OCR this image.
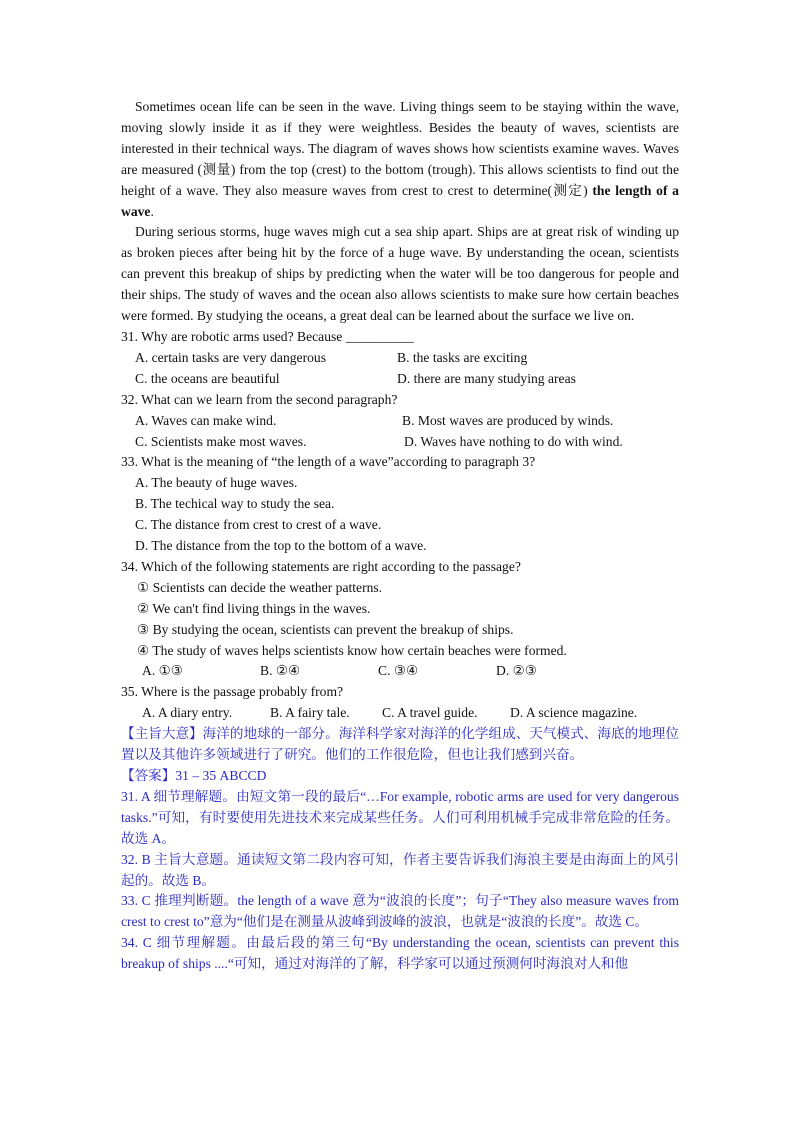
Sometimes ocean life can be seen in the wave. Living things seem to be staying within the wave, moving slowly inside it as if they were weightless. Besides the beauty of waves, scientists are interested in their technical ways. The diagram of waves shows how scientists examine waves. Waves are measured (测量) from the top (crest) to the bottom (trough). This allows scientists to find out the height of a wave. They also measure waves from crest to crest to determine(测定) the length of a wave.

During serious storms, huge waves migh cut a sea ship apart. Ships are at great risk of winding up as broken pieces after being hit by the force of a huge wave. By understanding the ocean, scientists can prevent this breakup of ships by predicting when the water will be too dangerous for people and their ships. The study of waves and the ocean also allows scientists to make sure how certain beaches were formed. By studying the oceans, a great deal can be learned about the surface we live on.

31. Why are robotic arms used? Because __________

A. certain tasks are very dangerous	B. the tasks are exciting
C. the oceans are beautiful	D. there are many studying areas

32. What can we learn from the second paragraph?

A. Waves can make wind.	B. Most waves are produced by winds.
C. Scientists make most waves.	D. Waves have nothing to do with wind.

33. What is the meaning of “the length of a wave”according to paragraph 3?

A. The beauty of huge waves.

B. The techical way to study the sea.

C. The distance from crest to crest of a wave.

D. The distance from the top to the bottom of a wave.

34. Which of the following statements are right according to the passage?

① Scientists can decide the weather patterns.

② We can't find living things in the waves.

③ By studying the ocean, scientists can prevent the breakup of ships.

④ The study of waves helps scientists know how certain beaches were formed.

A. ①③	B. ②④	C. ③④	D. ②③

35. Where is the passage probably from?

A. A diary entry.	B. A fairy tale.	C. A travel guide.	D. A science magazine.

【主旨大意】海洋的地球的一部分。海洋科学家对海洋的化学组成、天气模式、海底的地理位置以及其他许多领域进行了研究。他们的工作很危险，但也让我们感到兴奋。

【答案】31 – 35 ABCCD

31. A 细节理解题。由短文第一段的最后“…For example, robotic arms are used for very dangerous tasks.”可知，有时要使用先进技术来完成某些任务。人们可利用机械手完成非常危险的任务。故选 A。

32. B 主旨大意题。通读短文第二段内容可知，作者主要告诉我们海浪主要是由海面上的风引起的。故选 B。

33. C 推理判断题。the length of a wave 意为“波浪的长度”；句子“They also measure waves from crest to crest to”意为“他们是在测量从波峰到波峰的波浪，也就是“波浪的长度”。故选 C。

34. C 细节理解题。由最后段的第三句“By understanding the ocean, scientists can prevent this breakup of ships ....“可知，通过对海洋的了解，科学家可以通过预测何时海浪对人和他
